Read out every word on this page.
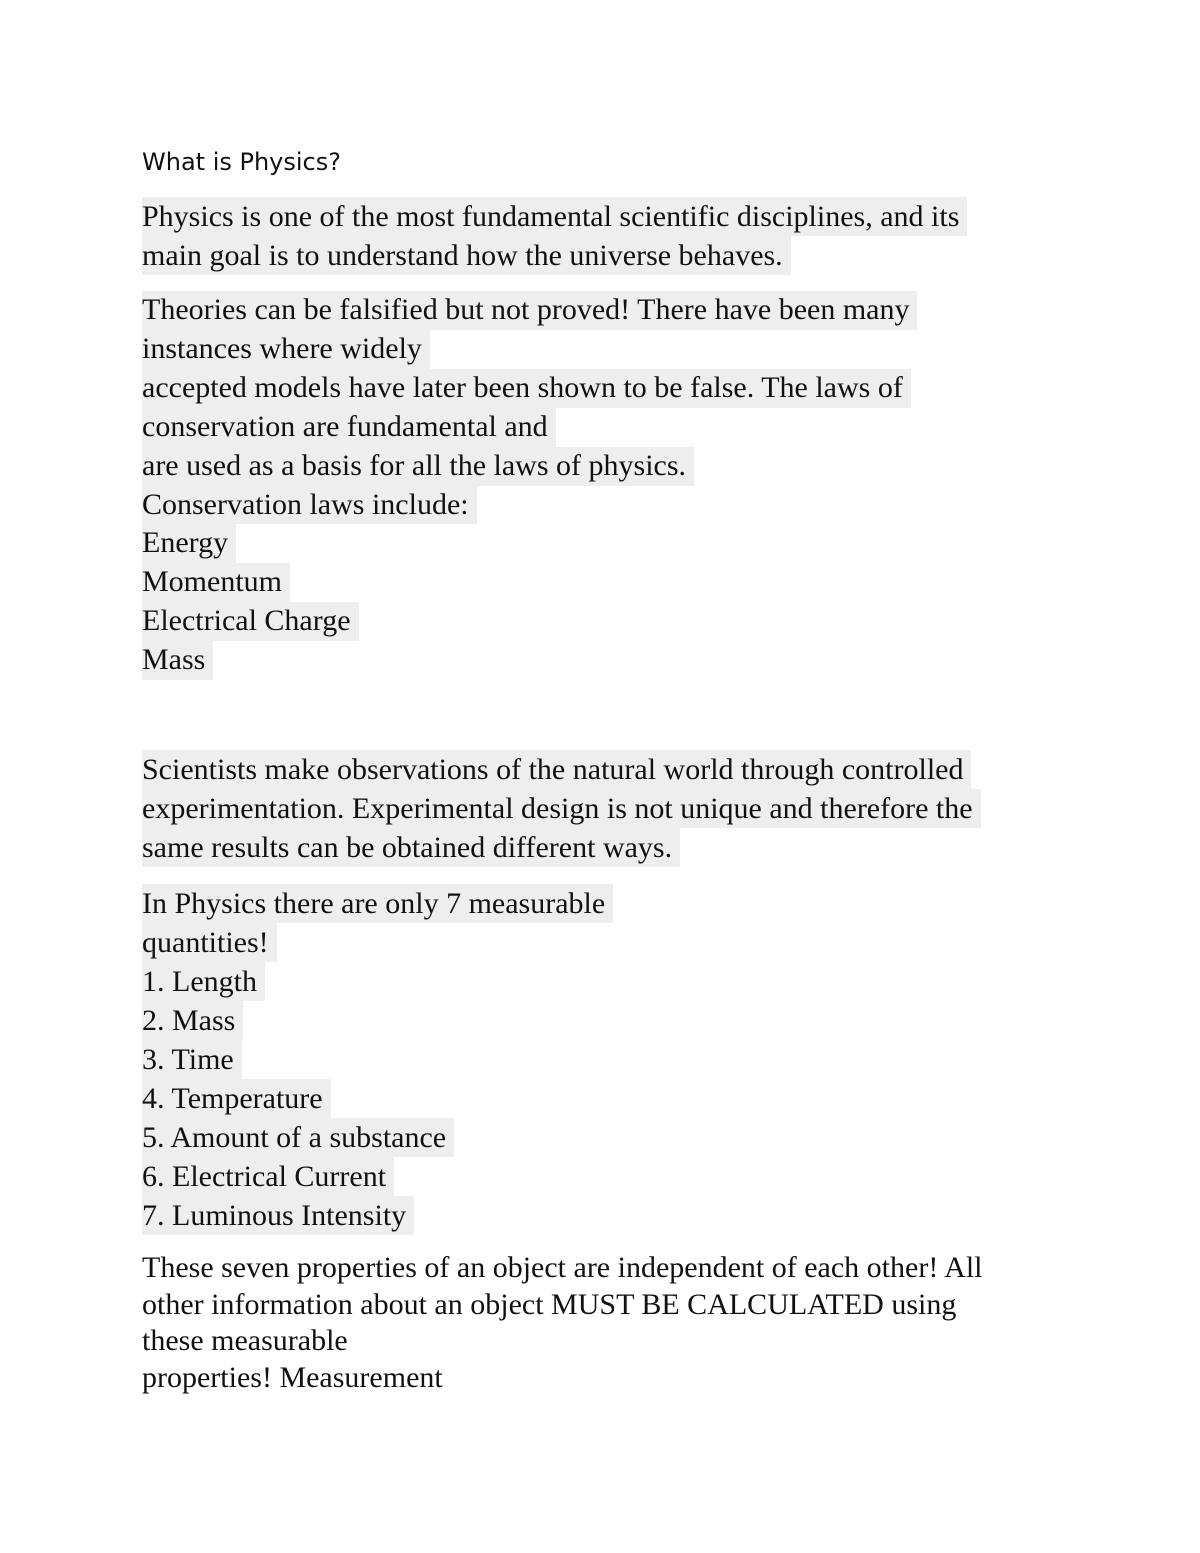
What is Physics?
Physics is one of the most fundamental scientific disciplines, and its
main goal is to understand how the universe behaves.
Theories can be falsified but not proved! There have been many
instances where widely
accepted models have later been shown to be false. The laws of
conservation are fundamental and
are used as a basis for all the laws of physics.
Conservation laws include:
Energy
Momentum
Electrical Charge
Mass
Scientists make observations of the natural world through controlled
experimentation. Experimental design is not unique and therefore the
same results can be obtained different ways.
In Physics there are only 7 measurable
quantities!
1. Length
2. Mass
3. Time
4. Temperature
5. Amount of a substance
6. Electrical Current
7. Luminous Intensity
These seven properties of an object are independent of each other! All
other information about an object MUST BE CALCULATED using
these measurable
properties! Measurement
